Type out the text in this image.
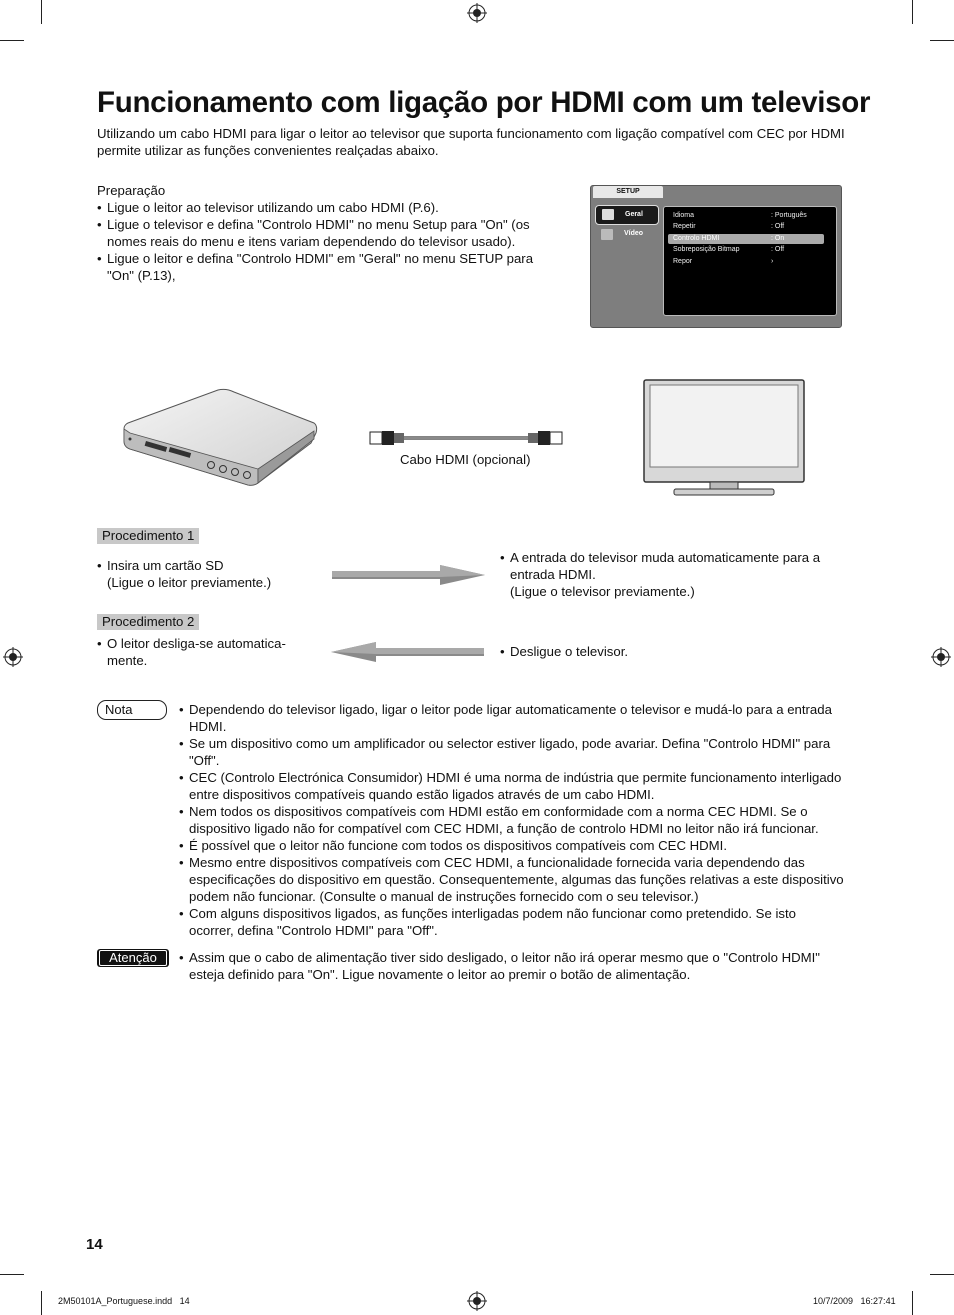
Funcionamento com ligação por HDMI com um televisor
Utilizando um cabo HDMI para ligar o leitor ao televisor que suporta funcionamento com ligação compatível com CEC por HDMI permite utilizar as funções convenientes realçadas abaixo.
Preparação
• Ligue o leitor ao televisor utilizando um cabo HDMI (P.6).
• Ligue o televisor e defina "Controlo HDMI" no menu Setup para "On" (os nomes reais do menu e itens variam dependendo do televisor usado).
• Ligue o leitor e defina "Controlo HDMI" em "Geral" no menu SETUP para "On" (P.13),
SETUP
Geral
Vídeo
Idioma	: Português
Repetir	: Off
Controlo HDMI	: On
Sobreposição Bitmap	: Off
Repor	›
Cabo HDMI (opcional)
Procedimento 1
• Insira um cartão SD
(Ligue o leitor previamente.)
• A entrada do televisor muda automaticamente para a
entrada HDMI.
(Ligue o televisor previamente.)
Procedimento 2
• O leitor desliga-se automatica-
mente.
• Desligue o televisor.
Nota	• Dependendo do televisor ligado, ligar o leitor pode ligar automaticamente o televisor e mudá-lo para a entrada HDMI.
• Se um dispositivo como um amplificador ou selector estiver ligado, pode avariar. Defina "Controlo HDMI" para "Off".
• CEC (Controlo Electrónica Consumidor) HDMI é uma norma de indústria que permite funcionamento interligado entre dispositivos compatíveis quando estão ligados através de um cabo HDMI.
• Nem todos os dispositivos compatíveis com HDMI estão em conformidade com a norma CEC HDMI. Se o dispositivo ligado não for compatível com CEC HDMI, a função de controlo HDMI no leitor não irá funcionar.
• É possível que o leitor não funcione com todos os dispositivos compatíveis com CEC HDMI.
• Mesmo entre dispositivos compatíveis com CEC HDMI, a funcionalidade fornecida varia dependendo das especificações do dispositivo em questão. Consequentemente, algumas das funções relativas a este dispositivo podem não funcionar. (Consulte o manual de instruções fornecido com o seu televisor.)
• Com alguns dispositivos ligados, as funções interligadas podem não funcionar como pretendido. Se isto ocorrer, defina "Controlo HDMI" para "Off".
Atenção	• Assim que o cabo de alimentação tiver sido desligado, o leitor não irá operar mesmo que o "Controlo HDMI" esteja definido para "On". Ligue novamente o leitor ao premir o botão de alimentação.
14
2M50101A_Portuguese.indd   14	10/7/2009   16:27:41
